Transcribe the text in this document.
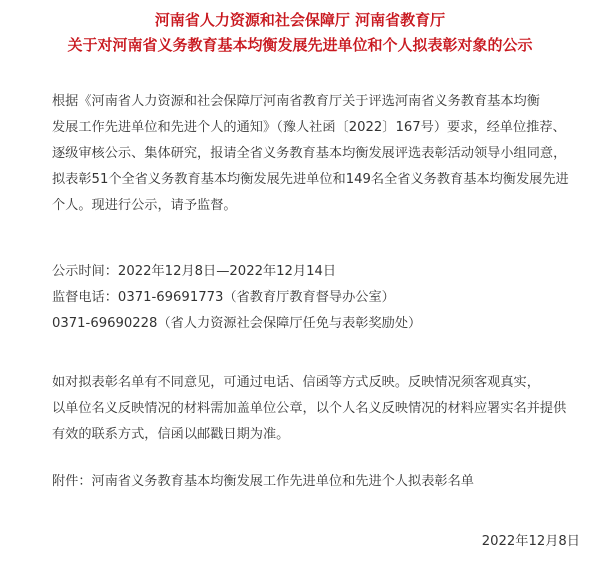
河南省人力资源和社会保障厅 河南省教育厅
关于对河南省义务教育基本均衡发展先进单位和个人拟表彰对象的公示
根据《河南省人力资源和社会保障厅河南省教育厅关于评选河南省义务教育基本均衡
发展工作先进单位和先进个人的通知》（豫人社函〔2022〕167号）要求，经单位推荐、
逐级审核公示、集体研究，报请全省义务教育基本均衡发展评选表彰活动领导小组同意，
拟表彰51个全省义务教育基本均衡发展先进单位和149名全省义务教育基本均衡发展先进
个人。现进行公示，请予监督。
公示时间：2022年12月8日—2022年12月14日
监督电话：0371-69691773（省教育厅教育督导办公室）
0371-69690228（省人力资源社会保障厅任免与表彰奖励处）
如对拟表彰名单有不同意见，可通过电话、信函等方式反映。反映情况须客观真实，
以单位名义反映情况的材料需加盖单位公章，以个人名义反映情况的材料应署实名并提供
有效的联系方式，信函以邮戳日期为准。
附件：河南省义务教育基本均衡发展工作先进单位和先进个人拟表彰名单
2022年12月8日
